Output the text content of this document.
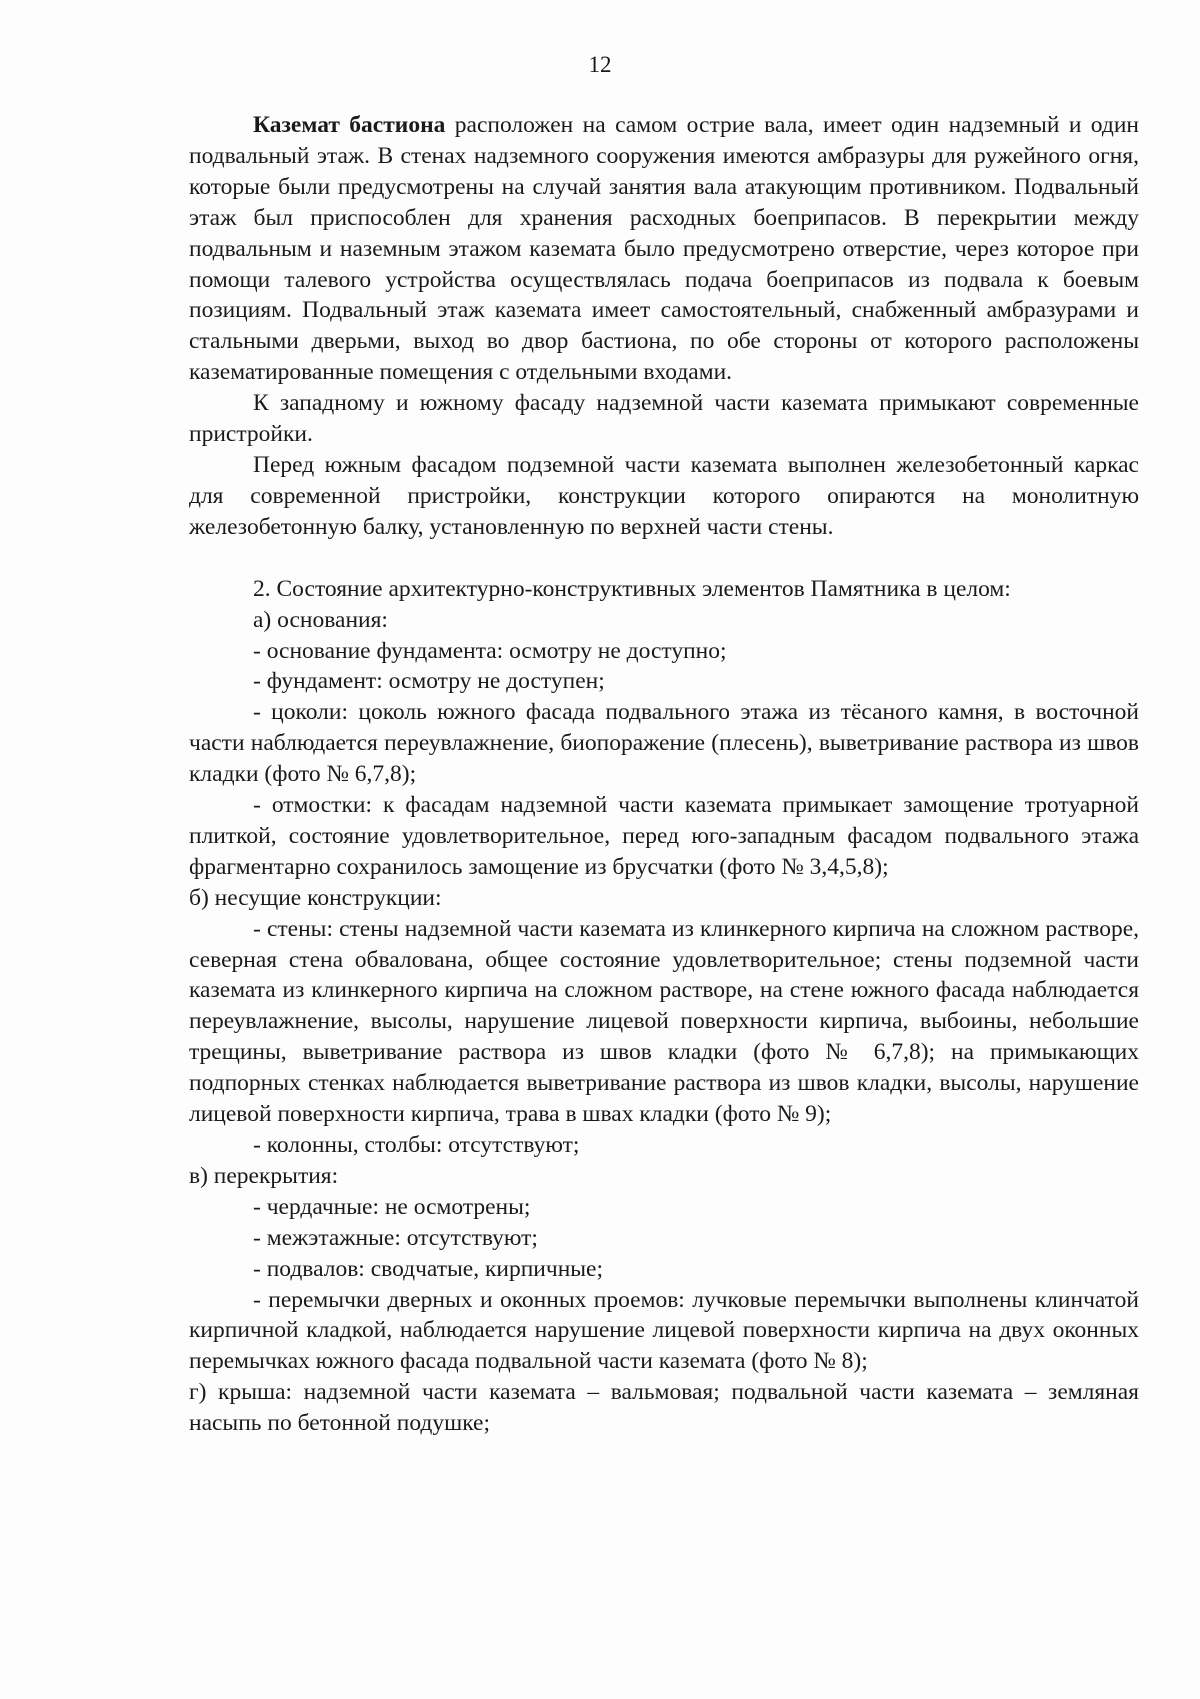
12

Каземат бастиона расположен на самом острие вала, имеет один надземный и один подвальный этаж. В стенах надземного сооружения имеются амбразуры для ружейного огня, которые были предусмотрены на случай занятия вала атакующим противником. Подвальный этаж был приспособлен для хранения расходных боеприпасов. В перекрытии между подвальным и наземным этажом каземата было предусмотрено отверстие, через которое при помощи талевого устройства осуществлялась подача боеприпасов из подвала к боевым позициям. Подвальный этаж каземата имеет самостоятельный, снабженный амбразурами и стальными дверьми, выход во двор бастиона, по обе стороны от которого расположены казематированные помещения с отдельными входами.

К западному и южному фасаду надземной части каземата примыкают современные пристройки.

Перед южным фасадом подземной части каземата выполнен железобетонный каркас для современной пристройки, конструкции которого опираются на монолитную железобетонную балку, установленную по верхней части стены.

2. Состояние архитектурно-конструктивных элементов Памятника в целом:

а) основания:

- основание фундамента: осмотру не доступно;

- фундамент: осмотру не доступен;

- цоколи: цоколь южного фасада подвального этажа из тёсаного камня, в восточной части наблюдается переувлажнение, биопоражение (плесень), выветривание раствора из швов кладки (фото № 6,7,8);

- отмостки: к фасадам надземной части каземата примыкает замощение тротуарной плиткой, состояние удовлетворительное, перед юго-западным фасадом подвального этажа фрагментарно сохранилось замощение из брусчатки (фото № 3,4,5,8);

б) несущие конструкции:

- стены: стены надземной части каземата из клинкерного кирпича на сложном растворе, северная стена обвалована, общее состояние удовлетворительное; стены подземной части каземата из клинкерного кирпича на сложном растворе, на стене южного фасада наблюдается переувлажнение, высолы, нарушение лицевой поверхности кирпича, выбоины, небольшие трещины, выветривание раствора из швов кладки (фото № 6,7,8); на примыкающих подпорных стенках наблюдается выветривание раствора из швов кладки, высолы, нарушение лицевой поверхности кирпича, трава в швах кладки (фото № 9);

- колонны, столбы: отсутствуют;

в) перекрытия:

- чердачные: не осмотрены;

- межэтажные: отсутствуют;

- подвалов: сводчатые, кирпичные;

- перемычки дверных и оконных проемов: лучковые перемычки выполнены клинчатой кирпичной кладкой, наблюдается нарушение лицевой поверхности кирпича на двух оконных перемычках южного фасада подвальной части каземата (фото № 8);

г) крыша: надземной части каземата – вальмовая; подвальной части каземата – земляная насыпь по бетонной подушке;
